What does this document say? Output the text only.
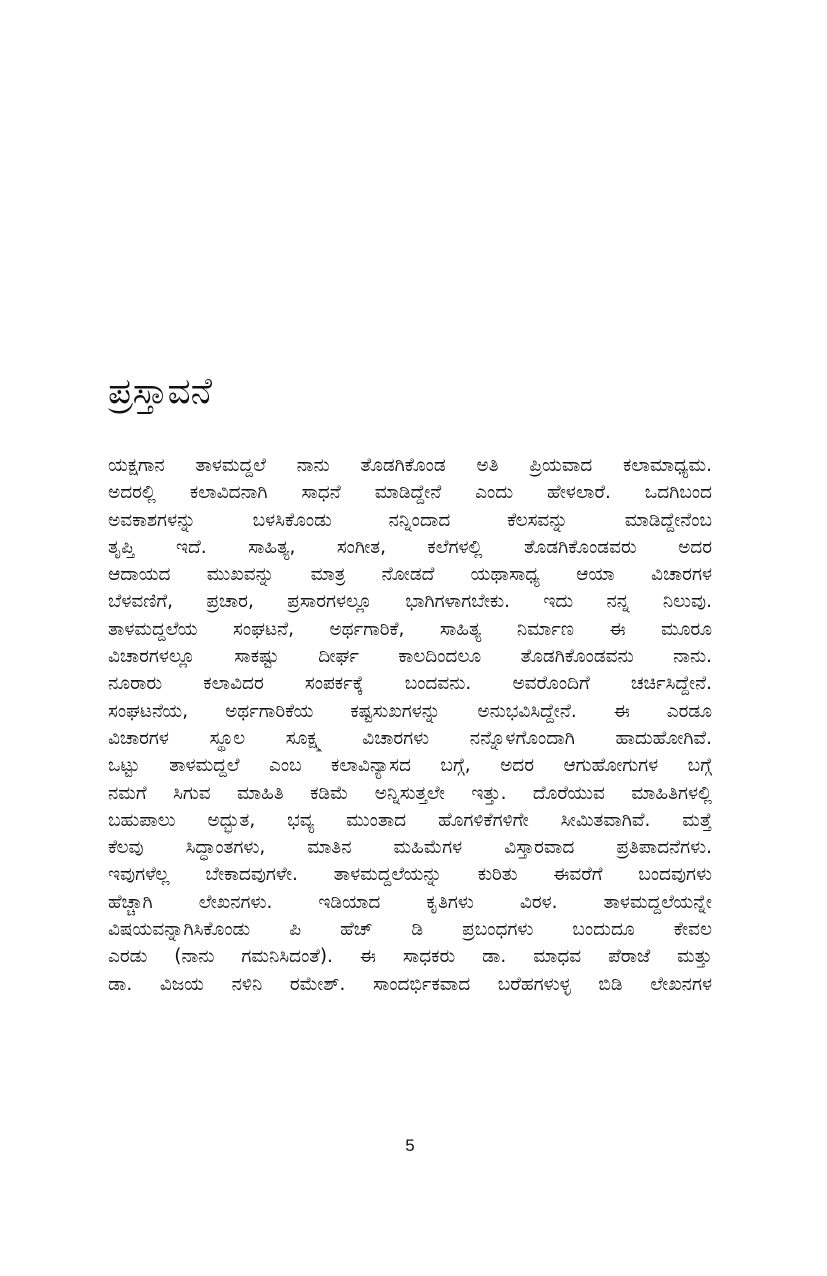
ಪ್ರಸ್ತಾವನೆ
ಯಕ್ಷಗಾನ ತಾಳಮದ್ದಲೆ ನಾನು ತೊಡಗಿಕೊಂಡ ಅತಿ ಪ್ರಿಯವಾದ ಕಲಾಮಾಧ್ಯಮ.
ಅದರಲ್ಲಿ ಕಲಾವಿದನಾಗಿ ಸಾಧನೆ ಮಾಡಿದ್ದೇನೆ ಎಂದು ಹೇಳಲಾರೆ. ಒದಗಿಬಂದ
ಅವಕಾಶಗಳನ್ನು ಬಳಸಿಕೊಂಡು ನನ್ನಿಂದಾದ ಕೆಲಸವನ್ನು ಮಾಡಿದ್ದೇನೆಂಬ
ತೃಪ್ತಿ ಇದೆ. ಸಾಹಿತ್ಯ, ಸಂಗೀತ, ಕಲೆಗಳಲ್ಲಿ ತೊಡಗಿಕೊಂಡವರು ಅದರ
ಆದಾಯದ ಮುಖವನ್ನು ಮಾತ್ರ ನೋಡದೆ ಯಥಾಸಾಧ್ಯ ಆಯಾ ವಿಚಾರಗಳ
ಬೆಳವಣಿಗೆ, ಪ್ರಚಾರ, ಪ್ರಸಾರಗಳಲ್ಲೂ ಭಾಗಿಗಳಾಗಬೇಕು. ಇದು ನನ್ನ ನಿಲುವು.
ತಾಳಮದ್ದಲೆಯ ಸಂಘಟನೆ, ಅರ್ಥಗಾರಿಕೆ, ಸಾಹಿತ್ಯ ನಿರ್ಮಾಣ ಈ ಮೂರೂ
ವಿಚಾರಗಳಲ್ಲೂ ಸಾಕಷ್ಟು ದೀರ್ಘ ಕಾಲದಿಂದಲೂ ತೊಡಗಿಕೊಂಡವನು ನಾನು.
ನೂರಾರು ಕಲಾವಿದರ ಸಂಪರ್ಕಕ್ಕೆ ಬಂದವನು. ಅವರೊಂದಿಗೆ ಚರ್ಚಿಸಿದ್ದೇನೆ.
ಸಂಘಟನೆಯ, ಅರ್ಥಗಾರಿಕೆಯ ಕಷ್ಟಸುಖಗಳನ್ನು ಅನುಭವಿಸಿದ್ದೇನೆ. ಈ ಎರಡೂ
ವಿಚಾರಗಳ ಸ್ಥೂಲ ಸೂಕ್ಷ್ಮ ವಿಚಾರಗಳು ನನ್ನೊಳಗೊಂದಾಗಿ ಹಾದುಹೋಗಿವೆ.
ಒಟ್ಟು ತಾಳಮದ್ದಲೆ ಎಂಬ ಕಲಾವಿನ್ಯಾಸದ ಬಗ್ಗೆ, ಅದರ ಆಗುಹೋಗುಗಳ ಬಗ್ಗೆ
ನಮಗೆ ಸಿಗುವ ಮಾಹಿತಿ ಕಡಿಮೆ ಅನ್ನಿಸುತ್ತಲೇ ಇತ್ತು. ದೊರೆಯುವ ಮಾಹಿತಿಗಳಲ್ಲಿ
ಬಹುಪಾಲು ಅದ್ಭುತ, ಭವ್ಯ ಮುಂತಾದ ಹೊಗಳಿಕೆಗಳಿಗೇ ಸೀಮಿತವಾಗಿವೆ. ಮತ್ತೆ
ಕೆಲವು ಸಿದ್ಧಾಂತಗಳು, ಮಾತಿನ ಮಹಿಮೆಗಳ ವಿಸ್ತಾರವಾದ ಪ್ರತಿಪಾದನೆಗಳು.
ಇವುಗಳೆಲ್ಲ ಬೇಕಾದವುಗಳೇ. ತಾಳಮದ್ದಲೆಯನ್ನು ಕುರಿತು ಈವರೆಗೆ ಬಂದವುಗಳು
ಹೆಚ್ಚಾಗಿ ಲೇಖನಗಳು. ಇಡಿಯಾದ ಕೃತಿಗಳು ವಿರಳ. ತಾಳಮದ್ದಲೆಯನ್ನೇ
ವಿಷಯವನ್ನಾಗಿಸಿಕೊಂಡು ಪಿ ಹೆಚ್ ಡಿ ಪ್ರಬಂಧಗಳು ಬಂದುದೂ ಕೇವಲ
ಎರಡು (ನಾನು ಗಮನಿಸಿದಂತೆ). ಈ ಸಾಧಕರು ಡಾ. ಮಾಧವ ಪೆರಾಜೆ ಮತ್ತು
ಡಾ. ವಿಜಯ ನಳಿನಿ ರಮೇಶ್. ಸಾಂದರ್ಭಿಕವಾದ ಬರೆಹಗಳುಳ್ಳ ಬಿಡಿ ಲೇಖನಗಳ
5
